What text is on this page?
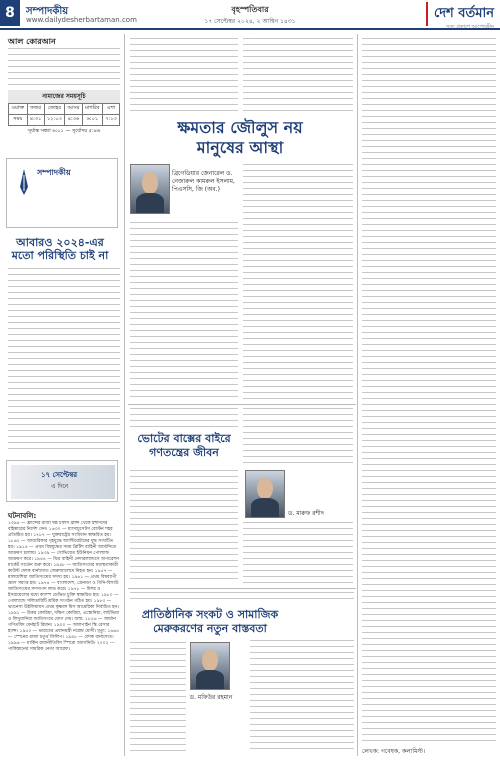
8	সম্পাদকীয়
www.dailydesherbartaman.com
বৃহস্পতিবার
১৭ সেপ্টেম্বর ২০২৪, ২ আশ্বিন ১৪৩১
দেশ বর্তমান
সত্য প্রকাশে আপোষহীন
আল কোরআন
নামাজের সময়সূচি
ওয়াক্ত	ফজর	জোহর	আসর	মাগরিব	এশা
সময়	৪:৩১	১২:০৩	৪:৩৬	৬:০১	৭:১৩
সূর্যাস্ত সন্ধ্যা ৬:০১ — সূর্যোদয় ৫:৪৬
সম্পাদকীয়
আবারও ২০২৪-এর মতো পরিস্থিতি চাই না
১৭ সেপ্টেম্বর
এ দিনে
ঘটনাবলি:
১৩৯৪ — ফ্রান্সের রাজা ষষ্ঠ চার্লস ফ্রান্স থেকে ইহুদিদের বহিষ্কারের নির্দেশ দেন। ১৬৩০ — ম্যাসাচুসেটস বোস্টন শহর প্রতিষ্ঠিত হয়। ১৭৮৭ — যুক্তরাষ্ট্রের সংবিধান স্বাক্ষরিত হয়। ১৮৬২ — আমেরিকার গৃহযুদ্ধে অ্যান্টিয়েটামের যুদ্ধ সংঘটিত হয়। ১৯১৪ — প্রথম বিশ্বযুদ্ধের সময় ব্রিটিশ বাহিনী জার্মানিতে আক্রমণ চালায়। ১৯৩৯ — সোভিয়েত ইউনিয়ন পোল্যান্ড আক্রমণ করে। ১৯৪৪ — মিত্র বাহিনী নেদারল্যান্ডসে অপারেশন মার্কেট গার্ডেন শুরু করে। ১৯৪৮ — জাতিসংঘের মধ্যস্থতাকারী কাউন্ট ফোক বার্নাদোত জেরুজালেমে নিহত হন। ১৯৫৭ — মালয়েশিয়া জাতিসংঘের সদস্য হয়। ১৯৬১ — প্রথম বিশ্বব্যাপী ভ্রমণ সমাপ্ত হয়। ১৯৭৪ — বাংলাদেশ, গ্রেনাডা ও গিনি-বিসাউ জাতিসংঘের সদস্যপদ লাভ করে। ১৯৭৮ — মিশর ও ইসরায়েলের মধ্যে ক্যাম্প ডেভিড চুক্তি স্বাক্ষরিত হয়। ১৯৮০ — পোল্যান্ডে সলিডারিটি শ্রমিক সংগঠন গঠিত হয়। ১৯৮৩ — ভ্যানেসা উইলিয়ামস প্রথম কৃষ্ণাঙ্গ মিস আমেরিকা নির্বাচিত হন। ১৯৯১ — উত্তর কোরিয়া, দক্ষিণ কোরিয়া, এস্তোনিয়া, লাটভিয়া ও লিথুয়ানিয়া জাতিসংঘে যোগ দেয়। জন্ম: ১৮২৬ — জার্মান গণিতবিদ বের্নহার্ট রিমান। ১৯০০ — আলপাইন স্কি রেসার হ্যান্স। ১৯৫০ — ভারতের প্রধানমন্ত্রী নরেন্দ্র মোদী। মৃত্যু: ১৬৬৫ — স্পেনের রাজা চতুর্থ ফিলিপ। ১৯৪৮ — ফোক বার্নাদোত। ১৯৯৬ — মার্কিন রাজনীতিবিদ স্পিরো অ্যাগনিউ। ২০০২ — পাকিস্তানের সামরিক নেতা আরেফ।
ক্ষমতার জৌলুস নয়
মানুষের আস্থা
ব্রিগেডিয়ার জেনারেল ড. নেজারুল কামরুল ইসলাম, পিএসসি, জি (অব.)
ভোটের বাক্সের বাইরে
গণতন্ত্রের জীবন
ড. মারুফ রশীদ
প্রাতিষ্ঠানিক সংকট ও সামাজিক
মেরুকরণের নতুন বাস্তবতা
ড. মফিউর রহমান
লেখক: গবেষক, কলামিস্ট।
